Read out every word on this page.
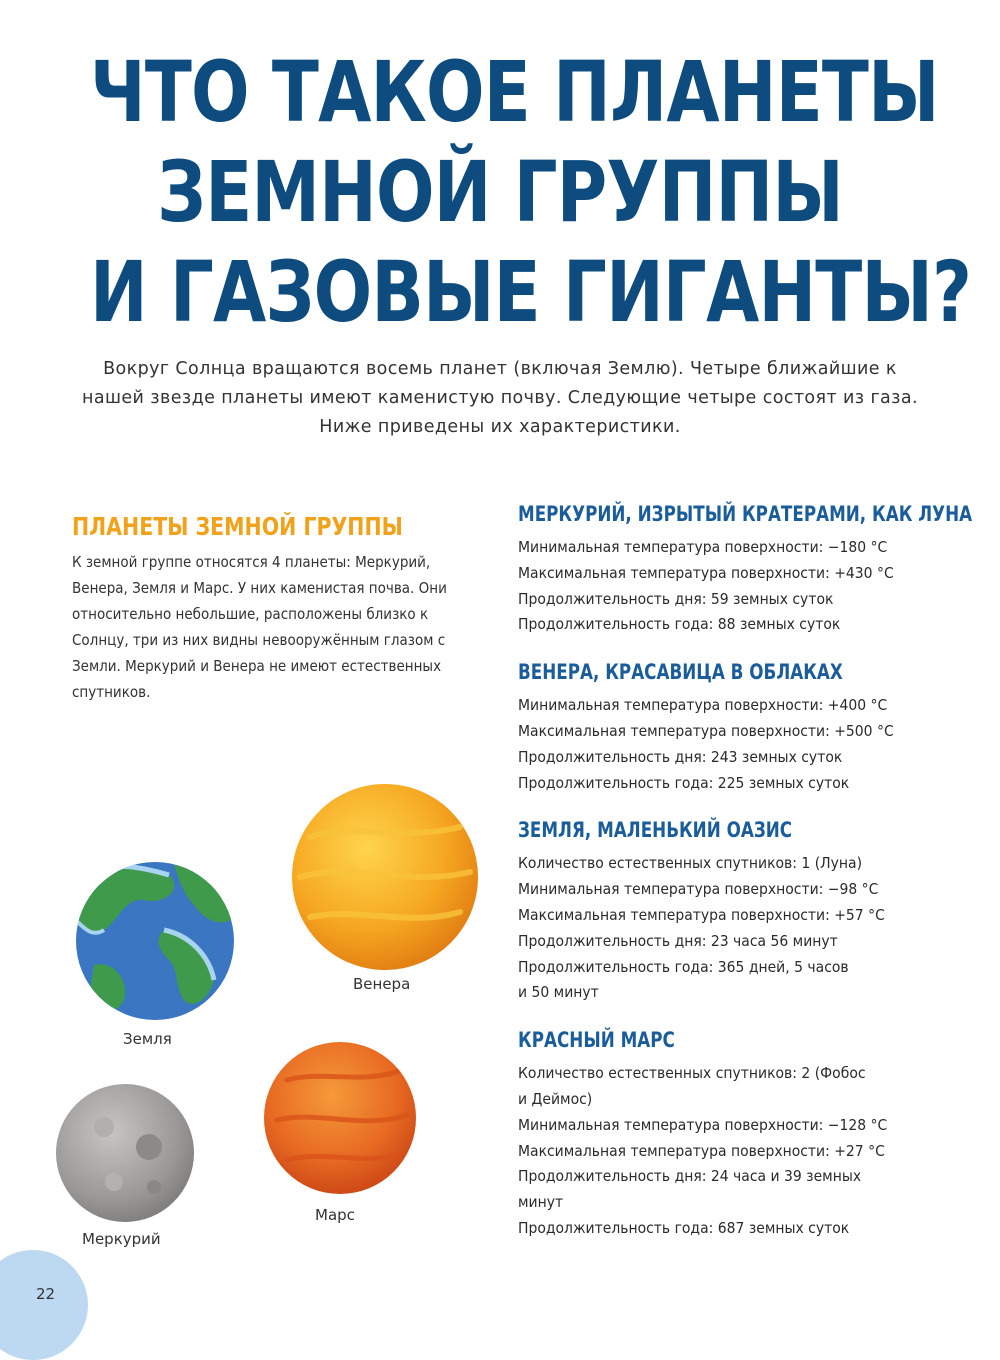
ЧТО ТАКОЕ ПЛАНЕТЫ
ЗЕМНОЙ ГРУППЫ
И ГАЗОВЫЕ ГИГАНТЫ?

Вокруг Солнца вращаются восемь планет (включая Землю). Четыре ближайшие к нашей звезде планеты имеют каменистую почву. Следующие четыре состоят из газа. Ниже приведены их характеристики.

ПЛАНЕТЫ ЗЕМНОЙ ГРУППЫ

К земной группе относятся 4 планеты: Меркурий, Венера, Земля и Марс. У них каменистая почва. Они относительно небольшие, расположены близко к Солнцу, три из них видны невооружённым глазом с Земли. Меркурий и Венера не имеют естественных спутников.

МЕРКУРИЙ, ИЗРЫТЫЙ КРАТЕРАМИ, КАК ЛУНА
Минимальная температура поверхности: −180 °C
Максимальная температура поверхности: +430 °C
Продолжительность дня: 59 земных суток
Продолжительность года: 88 земных суток
ВЕНЕРА, КРАСАВИЦА В ОБЛАКАХ
Минимальная температура поверхности: +400 °C
Максимальная температура поверхности: +500 °C
Продолжительность дня: 243 земных суток
Продолжительность года: 225 земных суток
ЗЕМЛЯ, МАЛЕНЬКИЙ ОАЗИС
Количество естественных спутников: 1 (Луна)
Минимальная температура поверхности: −98 °C
Максимальная температура поверхности: +57 °C
Продолжительность дня: 23 часа 56 минут
Продолжительность года: 365 дней, 5 часов
и 50 минут
КРАСНЫЙ МАРС
Количество естественных спутников: 2 (Фобос
и Деймос)
Минимальная температура поверхности: −128 °C
Максимальная температура поверхности: +27 °C
Продолжительность дня: 24 часа и 39 земных
минут
Продолжительность года: 687 земных суток
Земля
Венера
Меркурий
Марс
22
